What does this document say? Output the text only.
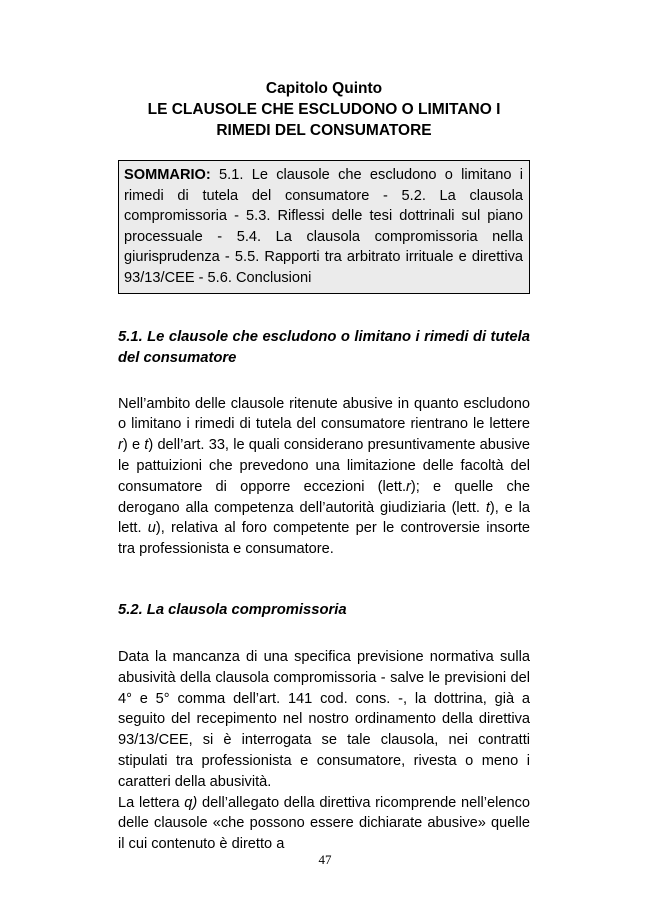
Capitolo Quinto
LE CLAUSOLE CHE ESCLUDONO O LIMITANO I
RIMEDI DEL CONSUMATORE
SOMMARIO: 5.1. Le clausole che escludono o limitano i rimedi di tutela del consumatore - 5.2. La clausola compromissoria - 5.3. Riflessi delle tesi dottrinali sul piano processuale - 5.4. La clausola compromissoria nella giurisprudenza - 5.5. Rapporti tra arbitrato irrituale e direttiva 93/13/CEE - 5.6. Conclusioni
5.1. Le clausole che escludono o limitano i rimedi di tutela del consumatore

Nell’ambito delle clausole ritenute abusive in quanto escludono o limitano i rimedi di tutela del consumatore rientrano le lettere r) e t) dell’art. 33, le quali considerano presuntivamente abusive le pattuizioni che prevedono una limitazione delle facoltà del consumatore di opporre eccezioni (lett.r); e quelle che derogano alla competenza dell’autorità giudiziaria (lett. t), e la lett. u), relativa al foro competente per le controversie insorte tra professionista e consumatore.

5.2. La clausola compromissoria

Data la mancanza di una specifica previsione normativa sulla abusività della clausola compromissoria - salve le previsioni del 4° e 5° comma dell’art. 141 cod. cons. -, la dottrina, già a seguito del recepimento nel nostro ordinamento della direttiva 93/13/CEE, si è interrogata se tale clausola, nei contratti stipulati tra professionista e consumatore, rivesta o meno i caratteri della abusività.

La lettera q) dell’allegato della direttiva ricomprende nell’elenco delle clausole «che possono essere dichiarate abusive» quelle il cui contenuto è diretto a

47
